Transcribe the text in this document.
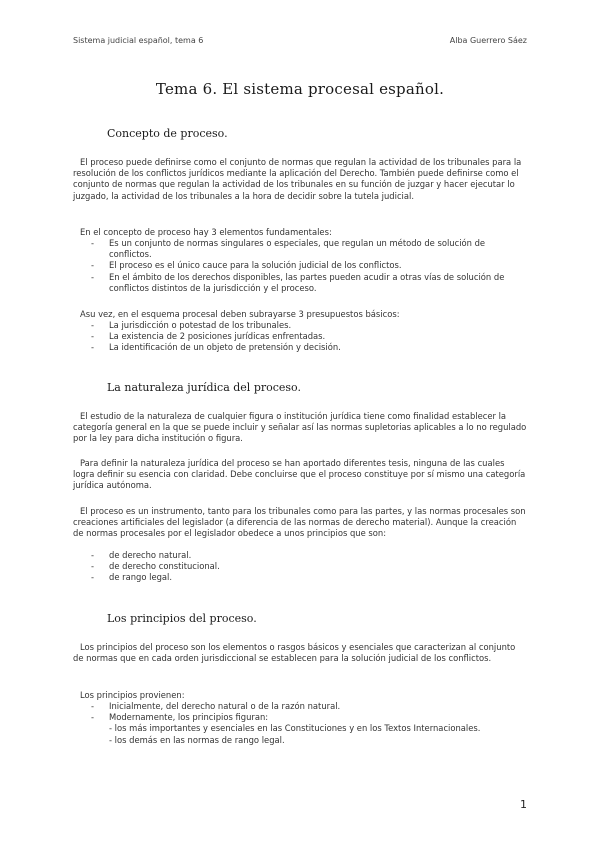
Sistema judicial español, tema 6	Alba Guerrero Sáez
Tema 6. El sistema procesal español.
Concepto de proceso.

El proceso puede definirse como el conjunto de normas que regulan la actividad de los tribunales para la resolución de los conflictos jurídicos mediante la aplicación del Derecho. También puede definirse como el conjunto de normas que regulan la actividad de los tribunales en su función de juzgar y hacer ejecutar lo juzgado, la actividad de los tribunales a la hora de decidir sobre la tutela judicial.

En el concepto de proceso hay 3 elementos fundamentales:

- Es un conjunto de normas singulares o especiales, que regulan un método de solución de conflictos.
- El proceso es el único cauce para la solución judicial de los conflictos.
- En el ámbito de los derechos disponibles, las partes pueden acudir a otras vías de solución de conflictos distintos de la jurisdicción y el proceso.

Asu vez, en el esquema procesal deben subrayarse 3 presupuestos básicos:

- La jurisdicción o potestad de los tribunales.
- La existencia de 2 posiciones jurídicas enfrentadas.
- La identificación de un objeto de pretensión y decisión.
La naturaleza jurídica del proceso.

El estudio de la naturaleza de cualquier figura o institución jurídica tiene como finalidad establecer la categoría general en la que se puede incluir y señalar así las normas supletorias aplicables a lo no regulado por la ley para dicha institución o figura.

Para definir la naturaleza jurídica del proceso se han aportado diferentes tesis, ninguna de las cuales logra definir su esencia con claridad. Debe concluirse que el proceso constituye por sí mismo una categoría jurídica autónoma.

El proceso es un instrumento, tanto para los tribunales como para las partes, y las normas procesales son creaciones artificiales del legislador (a diferencia de las normas de derecho material). Aunque la creación de normas procesales por el legislador obedece a unos principios que son:

- de derecho natural.
- de derecho constitucional.
- de rango legal.
Los principios del proceso.

Los principios del proceso son los elementos o rasgos básicos y esenciales que caracterizan al conjunto de normas que en cada orden jurisdiccional se establecen para la solución judicial de los conflictos.

Los principios provienen:

- Inicialmente, del derecho natural o de la razón natural.
- Modernamente, los principios figuran:
- los más importantes y esenciales en las Constituciones y en los Textos Internacionales.
- los demás en las normas de rango legal.
1
